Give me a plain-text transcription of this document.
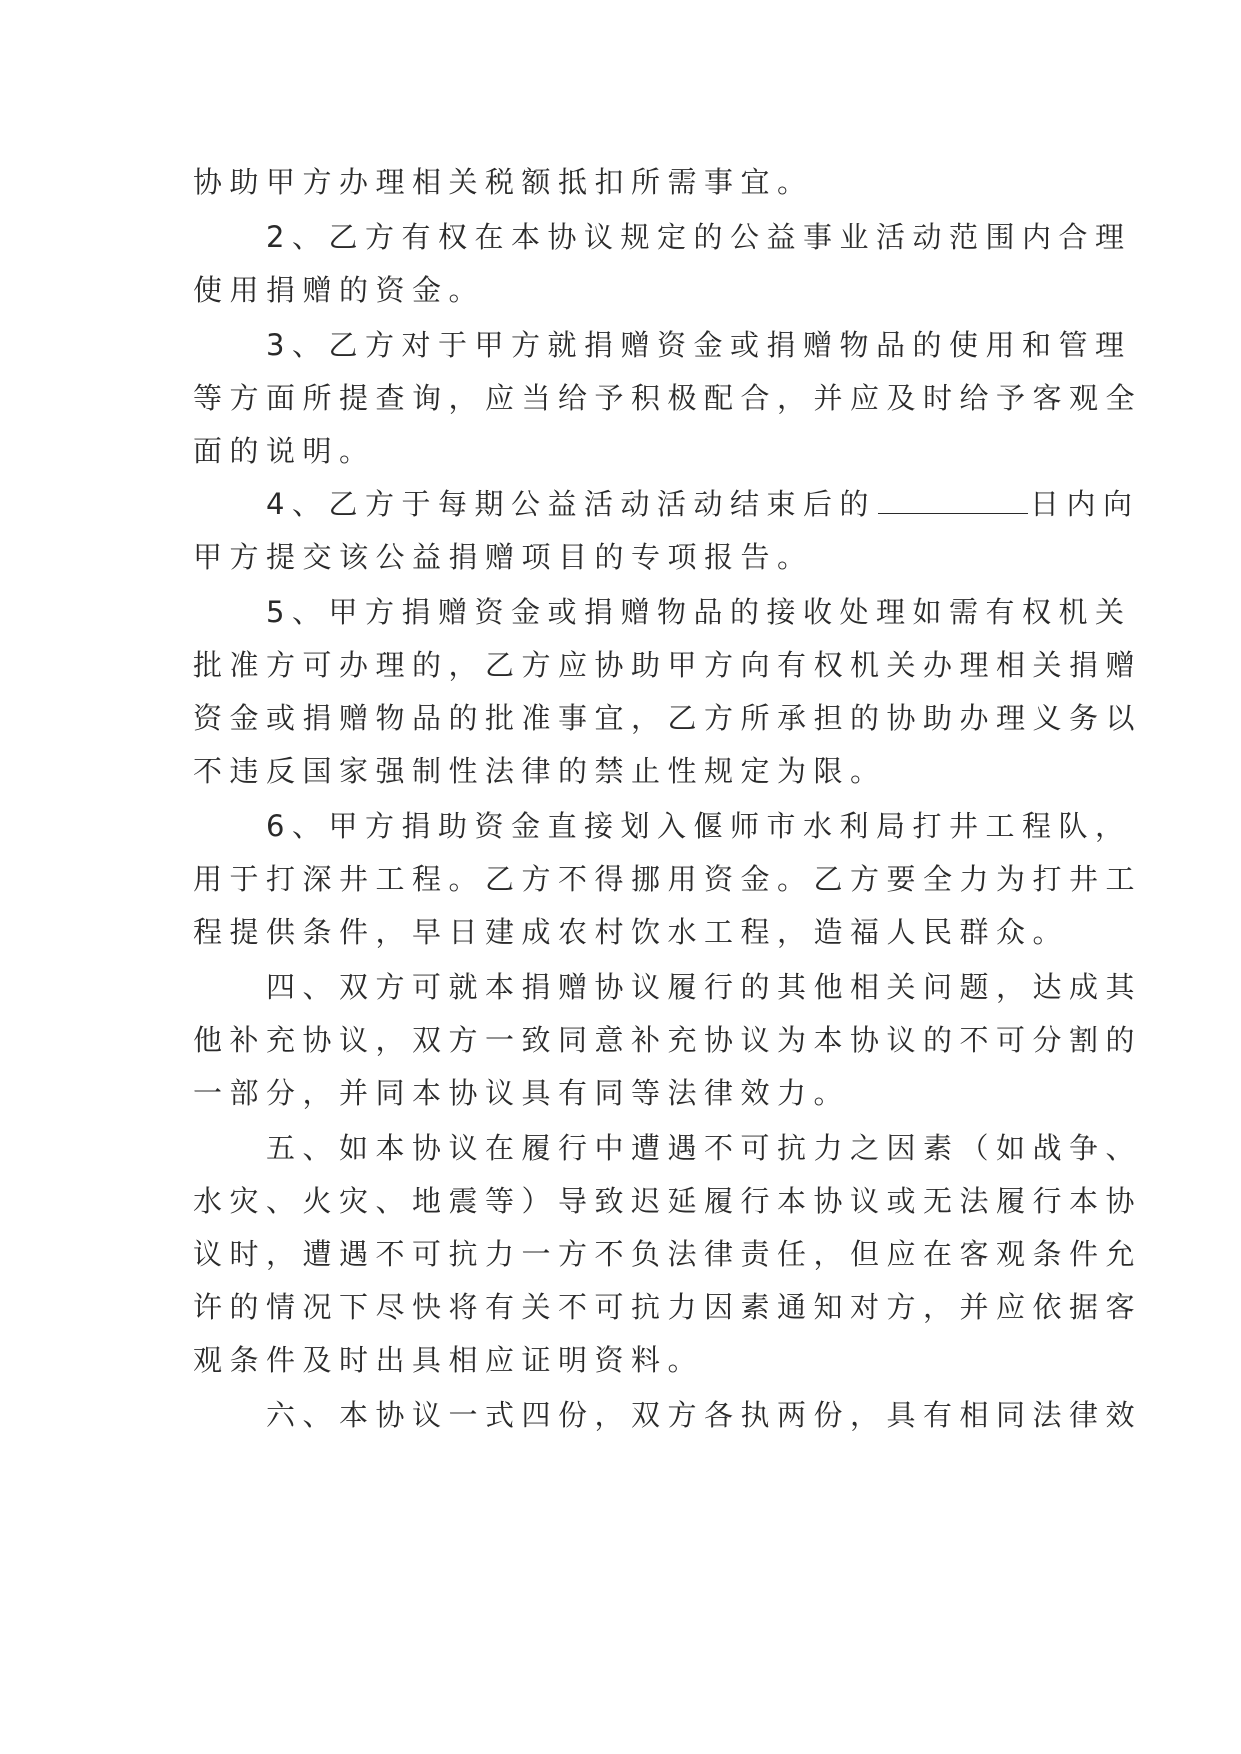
协助甲方办理相关税额抵扣所需事宜。
　　2、乙方有权在本协议规定的公益事业活动范围内合理
使用捐赠的资金。
　　3、乙方对于甲方就捐赠资金或捐赠物品的使用和管理
等方面所提查询，应当给予积极配合，并应及时给予客观全
面的说明。
　　4、乙方于每期公益活动活动结束后的	日内向
甲方提交该公益捐赠项目的专项报告。
　　5、甲方捐赠资金或捐赠物品的接收处理如需有权机关
批准方可办理的，乙方应协助甲方向有权机关办理相关捐赠
资金或捐赠物品的批准事宜，乙方所承担的协助办理义务以
不违反国家强制性法律的禁止性规定为限。
　　6、甲方捐助资金直接划入偃师市水利局打井工程队，
用于打深井工程。乙方不得挪用资金。乙方要全力为打井工
程提供条件，早日建成农村饮水工程，造福人民群众。
　　四、双方可就本捐赠协议履行的其他相关问题，达成其
他补充协议，双方一致同意补充协议为本协议的不可分割的
一部分，并同本协议具有同等法律效力。
　　五、如本协议在履行中遭遇不可抗力之因素（如战争、
水灾、火灾、地震等）导致迟延履行本协议或无法履行本协
议时，遭遇不可抗力一方不负法律责任，但应在客观条件允
许的情况下尽快将有关不可抗力因素通知对方，并应依据客
观条件及时出具相应证明资料。
　　六、本协议一式四份，双方各执两份，具有相同法律效
